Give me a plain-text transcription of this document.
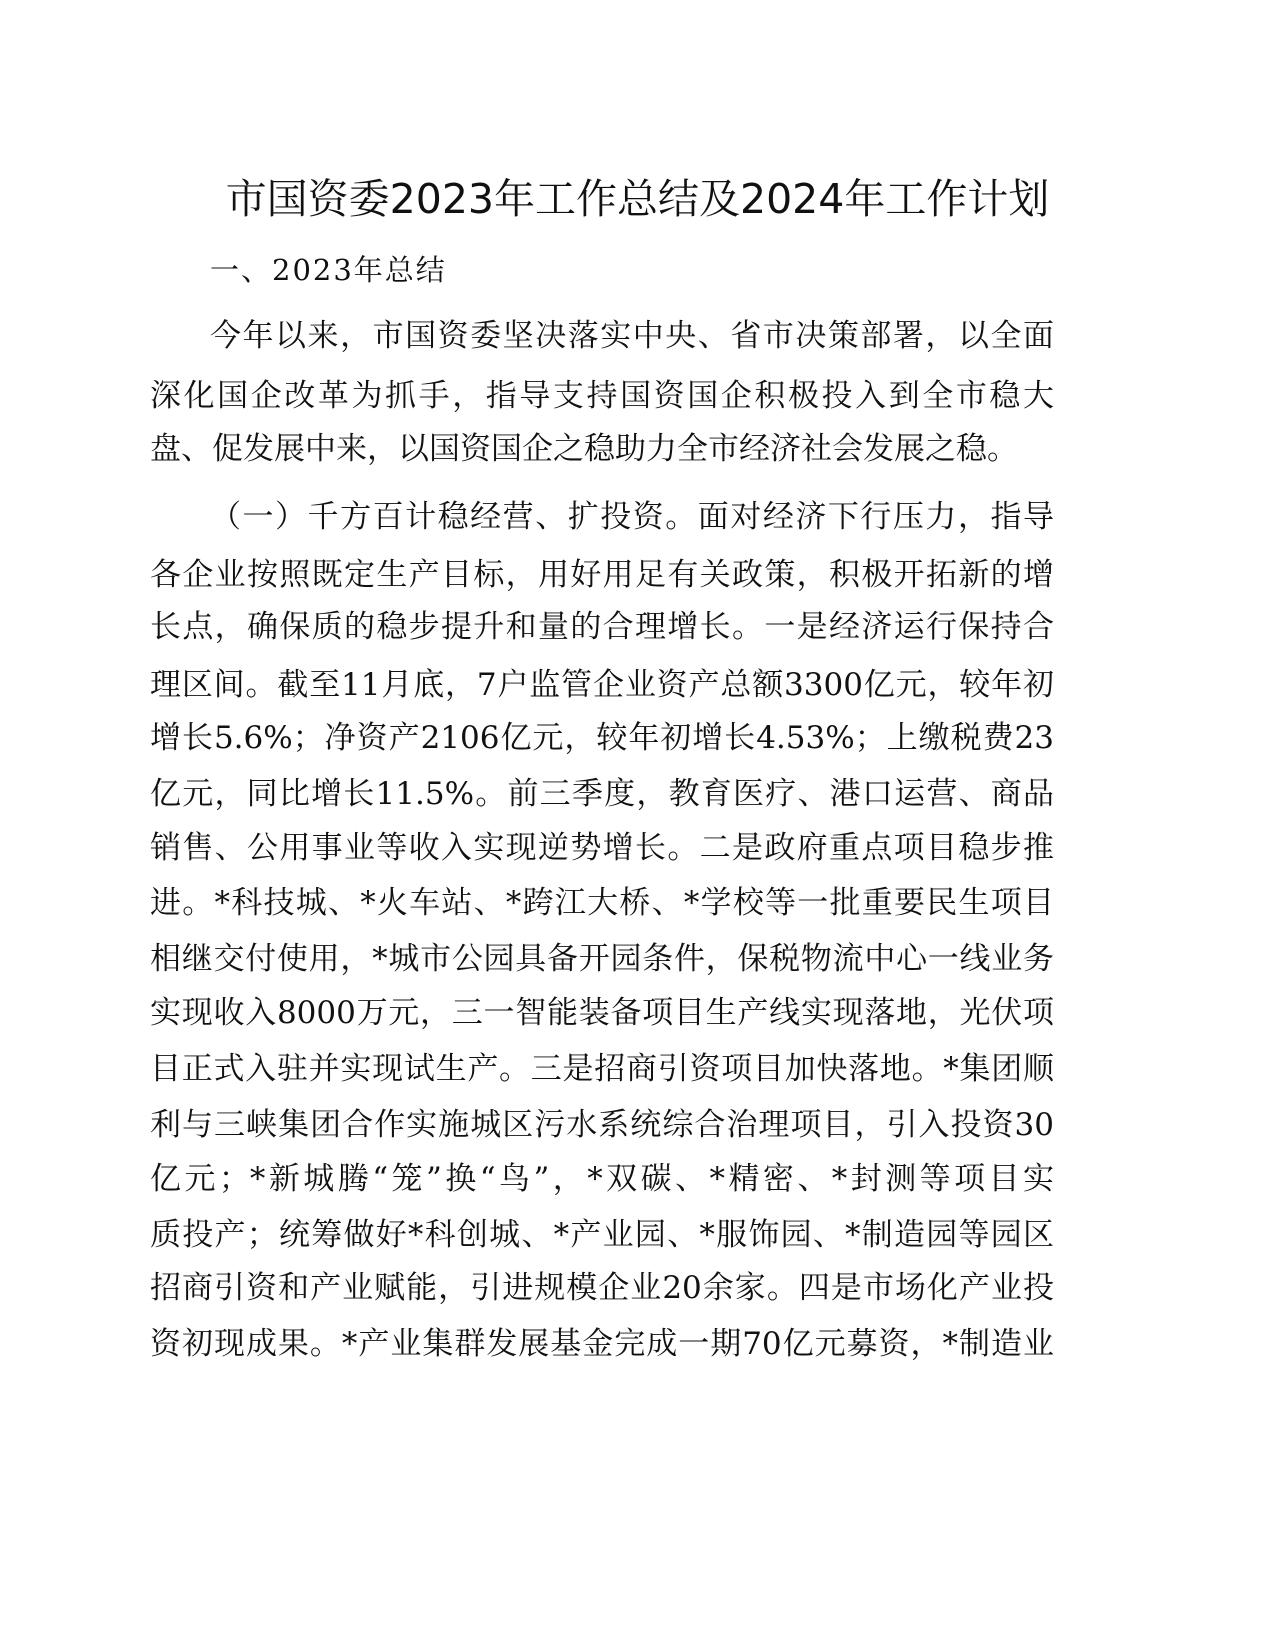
市国资委2023年工作总结及2024年工作计划
一、2023年总结
今年以来，市国资委坚决落实中央、省市决策部署，以全面
深化国企改革为抓手，指导支持国资国企积极投入到全市稳大
盘、促发展中来，以国资国企之稳助力全市经济社会发展之稳。
（一）千方百计稳经营、扩投资。面对经济下行压力，指导
各企业按照既定生产目标，用好用足有关政策，积极开拓新的增
长点，确保质的稳步提升和量的合理增长。一是经济运行保持合
理区间。截至11月底，7户监管企业资产总额3300亿元，较年初
增长5.6%；净资产2106亿元，较年初增长4.53%；上缴税费23
亿元，同比增长11.5%。前三季度，教育医疗、港口运营、商品
销售、公用事业等收入实现逆势增长。二是政府重点项目稳步推
进。*科技城、*火车站、*跨江大桥、*学校等一批重要民生项目
相继交付使用，*城市公园具备开园条件，保税物流中心一线业务
实现收入8000万元，三一智能装备项目生产线实现落地，光伏项
目正式入驻并实现试生产。三是招商引资项目加快落地。*集团顺
利与三峡集团合作实施城区污水系统综合治理项目，引入投资30
亿元；*新城腾“笼”换“鸟”，*双碳、*精密、*封测等项目实
质投产；统筹做好*科创城、*产业园、*服饰园、*制造园等园区
招商引资和产业赋能，引进规模企业20余家。四是市场化产业投
资初现成果。*产业集群发展基金完成一期70亿元募资，*制造业
